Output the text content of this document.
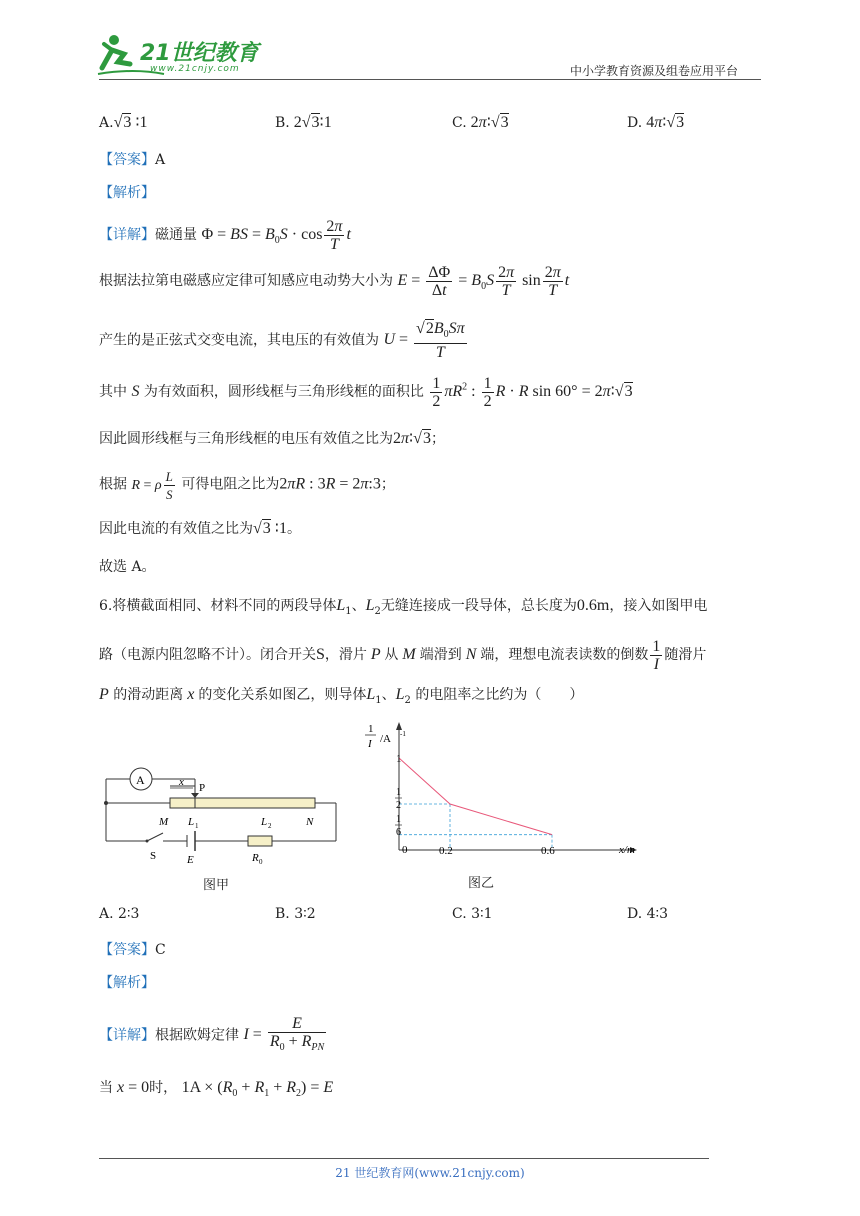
21世纪教育
www.21cnjy.com	中小学教育资源及组卷应用平台
A.√3 ∶1	B. 2√3∶1	C. 2π∶√3	D. 4π∶√3
【答案】A
【解析】
【详解】磁通量 Φ = BS = $B_0S \cdot \cos \frac{2\pi}{T}$ t
根据法拉第电磁感应定律可知感应电动势大小为 $E = \frac{\Delta\Phi}{\Delta t} = B_0S \frac{2\pi}{T}$ $\sin \frac{2\pi}{T}$ t
产生的是正弦式交变电流，其电压的有效值为 $U = \frac{√2B_0S\pi}{T}$
其中 S 为有效面积，圆形线框与三角形线框的面积比 $\frac{1}{2} \pi R^2$ : $\frac{1}{2}$ R · R sin 60° = 2π∶√3
因此圆形线框与三角形线框的电压有效值之比为2π∶√3；
根据 R = ρ $\frac{L}{S}$ 可得电阻之比为2πR : 3R = 2π:3；
因此电流的有效值之比为√3 ∶1。
故选 A。
6.将横截面相同、材料不同的两段导体$L_1$、$L_2$无缝连接成一段导体，总长度为0.6m，接入如图甲电
路（电源内阻忽略不计）。闭合开关S，滑片 P 从 M 端滑到 N 端，理想电流表读数的倒数 $\frac{1}{I}$ 随滑片
P 的滑动距离 x 的变化关系如图乙，则导体$L_1$、$L_2$ 的电阻率之比约为（　　）
A	x P
M L 1	L 2	N
S	E	R 0
图甲
1
I /A -1
1
1
2
1
6
0	0.2	0.6	x/m
图乙
A. 2∶3	B. 3∶2	C. 3∶1	D. 4∶3
【答案】C
【解析】
【详解】根据欧姆定律 $I = \frac{E}{R_0 + R_{PN}}$
当 x = 0时， $1A \times (R_0 + R_1 + R_2) = E$
21 世纪教育网(www.21cnjy.com)
